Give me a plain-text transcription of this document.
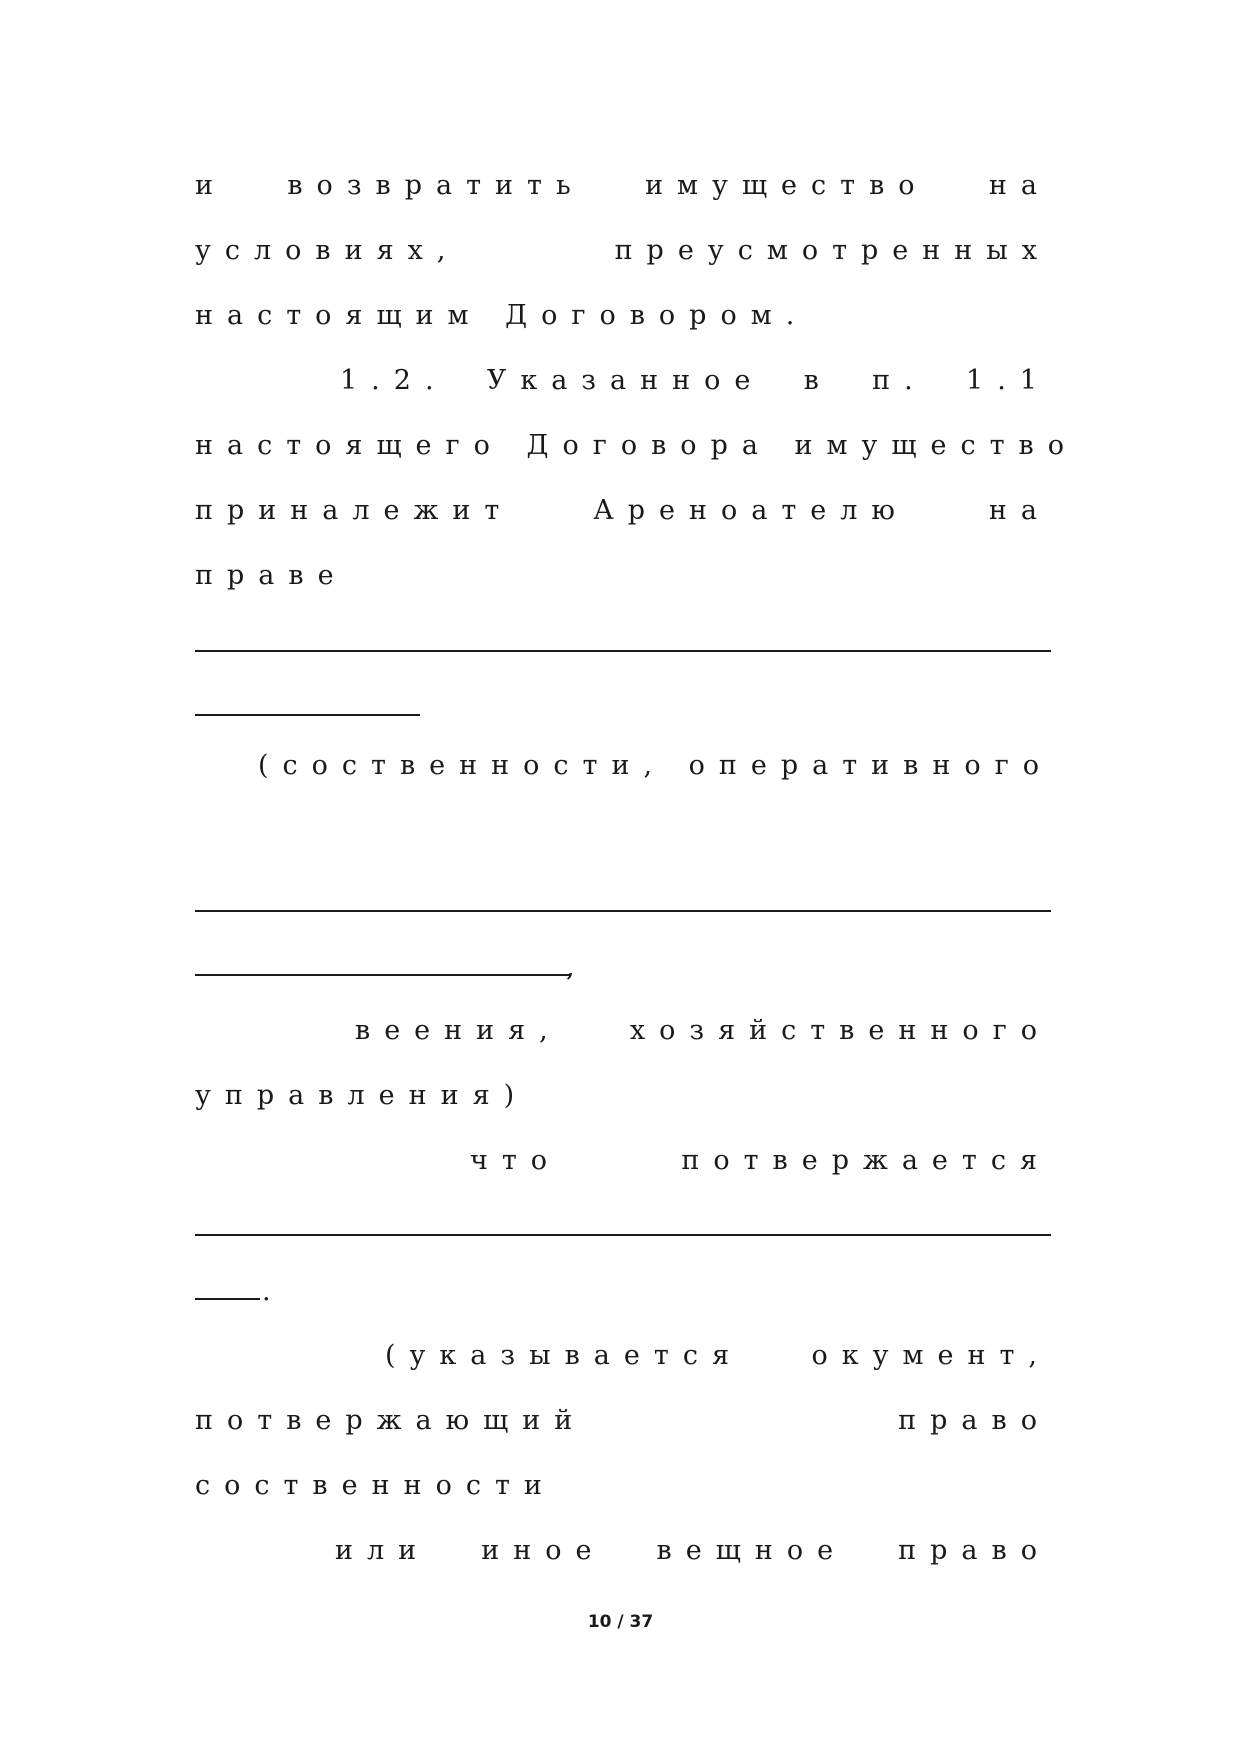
и возвратить имущество на
условиях,	преусмотренных
настоящим Договором.
1.2. Указанное в п. 1.1
настоящего Договора имущество
приналежит	Ареноателю	на
праве
(соственности, оперативного
,
веения,	хозяйственного
управления)
что	потвержается
.
(указывается	окумент,
потвержающий	право
соственности
или иное вещное право
10 / 37
